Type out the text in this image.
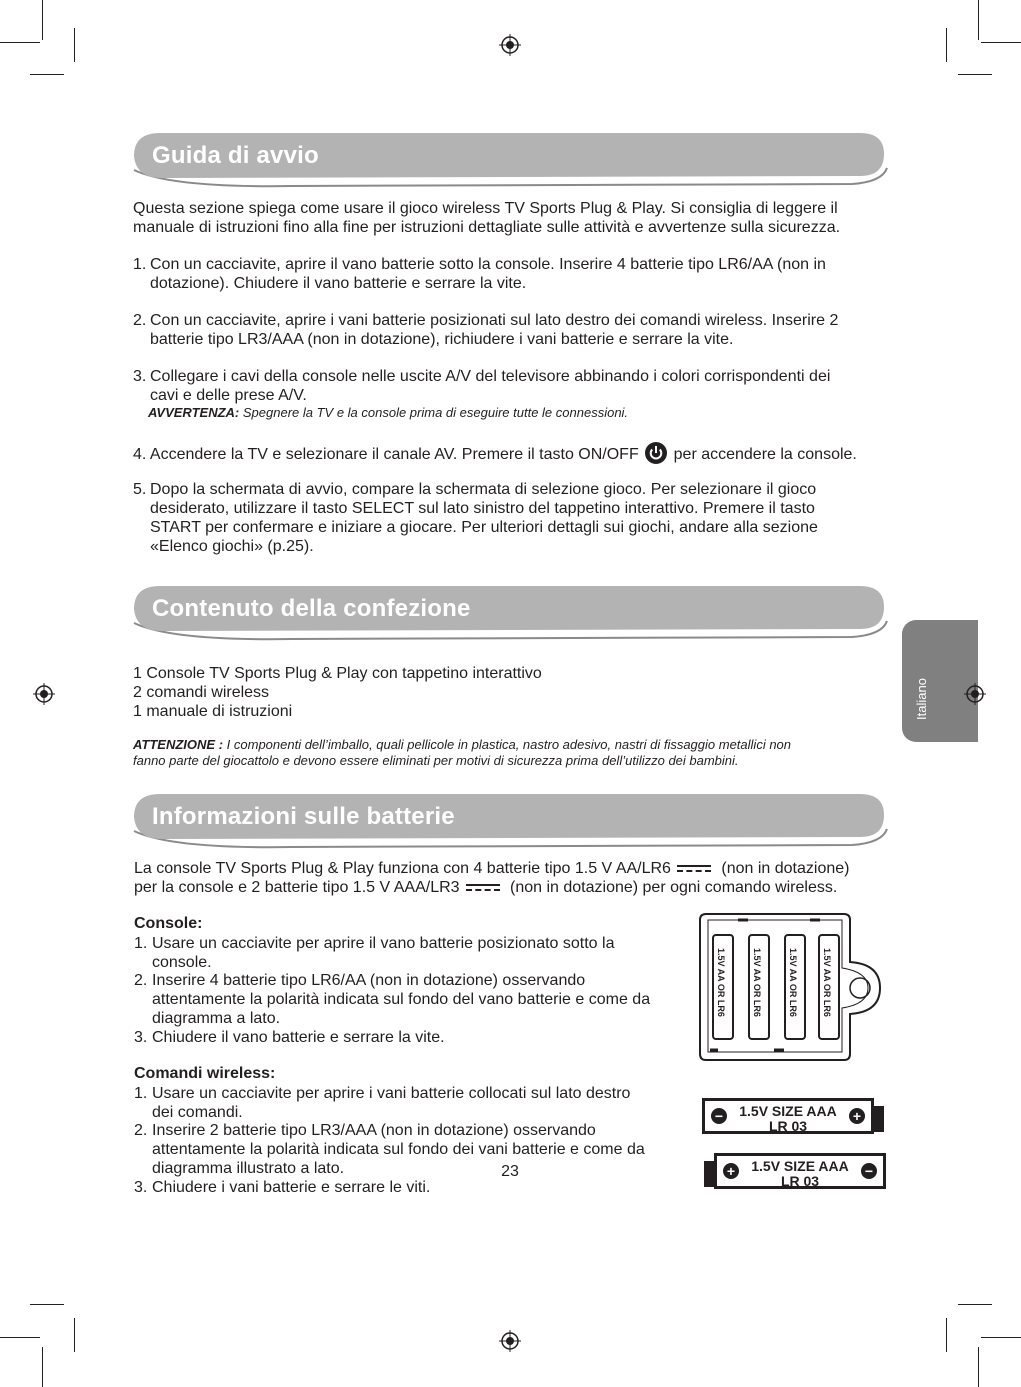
Italiano
Guida di avvio
Questa sezione spiega come usare il gioco wireless TV Sports Plug & Play. Si consiglia di leggere il
manuale di istruzioni fino alla fine per istruzioni dettagliate sulle attività e avvertenze sulla sicurezza.
1. Con un cacciavite, aprire il vano batterie sotto la console. Inserire 4 batterie tipo LR6/AA (non in
dotazione). Chiudere il vano batterie e serrare la vite.
2. Con un cacciavite, aprire i vani batterie posizionati sul lato destro dei comandi wireless. Inserire 2
batterie tipo LR3/AAA (non in dotazione), richiudere i vani batterie e serrare la vite.
3. Collegare i cavi della console nelle uscite A/V del televisore abbinando i colori corrispondenti dei
cavi e delle prese A/V.
AVVERTENZA: Spegnere la TV e la console prima di eseguire tutte le connessioni.
4. Accendere la TV e selezionare il canale AV. Premere il tasto ON/OFF per accendere la console.
5. Dopo la schermata di avvio, compare la schermata di selezione gioco. Per selezionare il gioco
desiderato, utilizzare il tasto SELECT sul lato sinistro del tappetino interattivo. Premere il tasto
START per confermare e iniziare a giocare. Per ulteriori dettagli sui giochi, andare alla sezione
«Elenco giochi» (p.25).
Contenuto della confezione
1 Console TV Sports Plug & Play con tappetino interattivo
2 comandi wireless
1 manuale di istruzioni
ATTENZIONE : I componenti dell’imballo, quali pellicole in plastica, nastro adesivo, nastri di fissaggio metallici non
fanno parte del giocattolo e devono essere eliminati per motivi di sicurezza prima dell’utilizzo dei bambini.
Informazioni sulle batterie
La console TV Sports Plug & Play funziona con 4 batterie tipo 1.5 V AA/LR6	(non in dotazione)
per la console e 2 batterie tipo 1.5 V AAA/LR3	(non in dotazione) per ogni comando wireless.
Console:
1. Usare un cacciavite per aprire il vano batterie posizionato sotto la
console.
2. Inserire 4 batterie tipo LR6/AA (non in dotazione) osservando
attentamente la polarità indicata sul fondo del vano batterie e come da
diagramma a lato.
3. Chiudere il vano batterie e serrare la vite.
Comandi wireless:
1. Usare un cacciavite per aprire i vani batterie collocati sul lato destro
dei comandi.
2. Inserire 2 batterie tipo LR3/AAA (non in dotazione) osservando
attentamente la polarità indicata sul fondo dei vani batterie e come da
diagramma illustrato a lato.
3. Chiudere i vani batterie e serrare le viti.
1.5V AA OR LR6	1.5V AA OR LR6	1.5V AA OR LR6	1.5V AA OR LR6
−	+
1.5V SIZE AAA
LR 03
+	−
1.5V SIZE AAA
LR 03
23
